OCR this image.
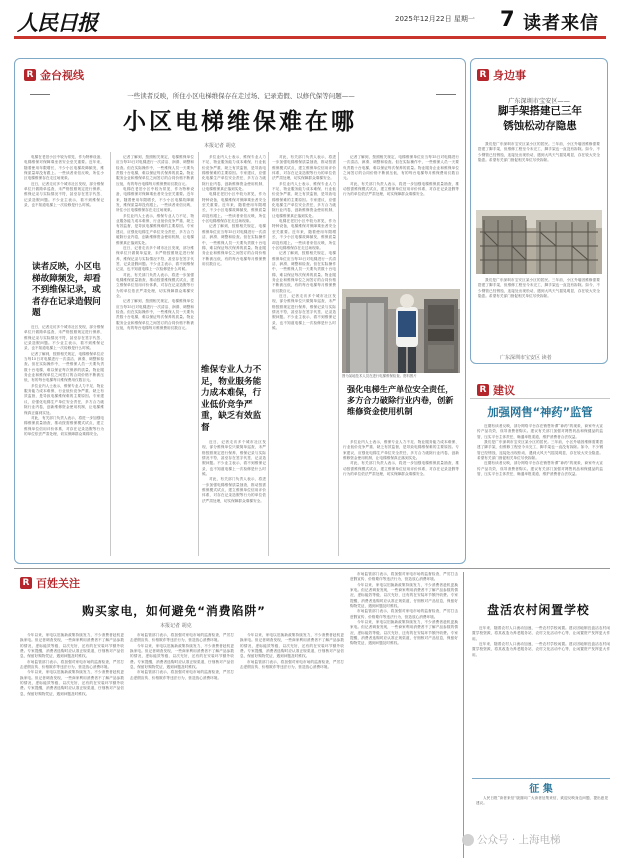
人民日报	2025年12月22日 星期一 7 读者来信
R 金台视线
一些读者反映，所住小区电梯维保存在走过场、记录造假、以修代保等问题——
小区电梯维保难在哪
本报记者 胡克

电梯在老旧小区中较为常见，作为特种设备，电梯维保对保障乘坐者安全至关重要。近年来，随着使用年限增长，不少小区电梯故障频发，维保质量却没有跟上。一些读者来信反映，所住小区电梯维保存在走过场现象。

近日，记者走访多个城市社区发现，部分维保单位只做简单巡查，未严格按照规定进行保养，维保记录与实际情况不符，甚至存在签字代签、记录造假问题。不少业主表示，看不到维保记录，也不知道电梯上一次检修是什么时候。

读者反映，小区电梯故障频发，却看不到维保记录，或者存在记录造假问题

近日，记者走访多个城市社区发现，部分维保单位只做简单巡查，未严格按照规定进行保养，维保记录与实际情况不符，甚至存在签字代签、记录造假问题。不少业主表示，看不到维保记录，也不知道电梯上一次检修是什么时候。

记者了解到，按照相关规定，电梯维保单位应当每15日对电梯进行一次清洁、润滑、调整和检查。但在实际操作中，一些维保人员一天要负责数十台电梯，难以保证每次保养的质量。物业服务企业和维保单位之间签订的合同价格不断被压低，有的每台电梯每月维保费用仅数百元。

多位业内人士表示，维保专业人力不足、物业服务能力成本难保、行业低价竞争严重、缺乏有效监督，是导致电梯维保难的主要原因。专家建议，应强化电梯生产单位安全责任，多方合力破除行业内卷，创新维修资金使用机制，让电梯维保真正落到实处。

对此，有关部门负责人表示，将进一步加强电梯维保质量抽查，推动按需维保模式试点，建立维保单位信用评价体系，对存在记录造假等行为的单位依法严肃处理，切实保障群众乘梯安全。

记者了解到，按照相关规定，电梯维保单位应当每15日对电梯进行一次清洁、润滑、调整和检查。但在实际操作中，一些维保人员一天要负责数十台电梯，难以保证每次保养的质量。物业服务企业和维保单位之间签订的合同价格不断被压低，有的每台电梯每月维保费用仅数百元。

电梯在老旧小区中较为常见，作为特种设备，电梯维保对保障乘坐者安全至关重要。近年来，随着使用年限增长，不少小区电梯故障频发，维保质量却没有跟上。一些读者来信反映，所住小区电梯维保存在走过场现象。

多位业内人士表示，维保专业人力不足、物业服务能力成本难保、行业低价竞争严重、缺乏有效监督，是导致电梯维保难的主要原因。专家建议，应强化电梯生产单位安全责任，多方合力破除行业内卷，创新维修资金使用机制，让电梯维保真正落到实处。

近日，记者走访多个城市社区发现，部分维保单位只做简单巡查，未严格按照规定进行保养，维保记录与实际情况不符，甚至存在签字代签、记录造假问题。不少业主表示，看不到维保记录，也不知道电梯上一次检修是什么时候。

对此，有关部门负责人表示，将进一步加强电梯维保质量抽查，推动按需维保模式试点，建立维保单位信用评价体系，对存在记录造假等行为的单位依法严肃处理，切实保障群众乘梯安全。

记者了解到，按照相关规定，电梯维保单位应当每15日对电梯进行一次清洁、润滑、调整和检查。但在实际操作中，一些维保人员一天要负责数十台电梯，难以保证每次保养的质量。物业服务企业和维保单位之间签订的合同价格不断被压低，有的每台电梯每月维保费用仅数百元。

多位业内人士表示，维保专业人力不足、物业服务能力成本难保、行业低价竞争严重、缺乏有效监督，是导致电梯维保难的主要原因。专家建议，应强化电梯生产单位安全责任，多方合力破除行业内卷，创新维修资金使用机制，让电梯维保真正落到实处。

电梯在老旧小区中较为常见，作为特种设备，电梯维保对保障乘坐者安全至关重要。近年来，随着使用年限增长，不少小区电梯故障频发，维保质量却没有跟上。一些读者来信反映，所住小区电梯维保存在走过场现象。

记者了解到，按照相关规定，电梯维保单位应当每15日对电梯进行一次清洁、润滑、调整和检查。但在实际操作中，一些维保人员一天要负责数十台电梯，难以保证每次保养的质量。物业服务企业和维保单位之间签订的合同价格不断被压低，有的每台电梯每月维保费用仅数百元。

维保专业人力不足，物业服务能力成本难保，行业低价竞争严重，缺乏有效监督

近日，记者走访多个城市社区发现，部分维保单位只做简单巡查，未严格按照规定进行保养，维保记录与实际情况不符，甚至存在签字代签、记录造假问题。不少业主表示，看不到维保记录，也不知道电梯上一次检修是什么时候。

对此，有关部门负责人表示，将进一步加强电梯维保质量抽查，推动按需维保模式试点，建立维保单位信用评价体系，对存在记录造假等行为的单位依法严肃处理，切实保障群众乘梯安全。

对此，有关部门负责人表示，将进一步加强电梯维保质量抽查，推动按需维保模式试点，建立维保单位信用评价体系，对存在记录造假等行为的单位依法严肃处理，切实保障群众乘梯安全。

多位业内人士表示，维保专业人力不足、物业服务能力成本难保、行业低价竞争严重、缺乏有效监督，是导致电梯维保难的主要原因。专家建议，应强化电梯生产单位安全责任，多方合力破除行业内卷，创新维修资金使用机制，让电梯维保真正落到实处。

电梯在老旧小区中较为常见，作为特种设备，电梯维保对保障乘坐者安全至关重要。近年来，随着使用年限增长，不少小区电梯故障频发，维保质量却没有跟上。一些读者来信反映，所住小区电梯维保存在走过场现象。

记者了解到，按照相关规定，电梯维保单位应当每15日对电梯进行一次清洁、润滑、调整和检查。但在实际操作中，一些维保人员一天要负责数十台电梯，难以保证每次保养的质量。物业服务企业和维保单位之间签订的合同价格不断被压低，有的每台电梯每月维保费用仅数百元。

近日，记者走访多个城市社区发现，部分维保单位只做简单巡查，未严格按照规定进行保养，维保记录与实际情况不符，甚至存在签字代签、记录造假问题。不少业主表示，看不到维保记录，也不知道电梯上一次检修是什么时候。

记者了解到，按照相关规定，电梯维保单位应当每15日对电梯进行一次清洁、润滑、调整和检查。但在实际操作中，一些维保人员一天要负责数十台电梯，难以保证每次保养的质量。物业服务企业和维保单位之间签订的合同价格不断被压低，有的每台电梯每月维保费用仅数百元。

对此，有关部门负责人表示，将进一步加强电梯维保质量抽查，推动按需维保模式试点，建立维保单位信用评价体系，对存在记录造假等行为的单位依法严肃处理，切实保障群众乘梯安全。

图为某地技术人员在进行电梯维保检查。资料图片
强化电梯生产单位安全责任，多方合力破除行业内卷，创新维修资金使用机制

多位业内人士表示，维保专业人力不足、物业服务能力成本难保、行业低价竞争严重、缺乏有效监督，是导致电梯维保难的主要原因。专家建议，应强化电梯生产单位安全责任，多方合力破除行业内卷，创新维修资金使用机制，让电梯维保真正落到实处。

对此，有关部门负责人表示，将进一步加强电梯维保质量抽查，推动按需维保模式试点，建立维保单位信用评价体系，对存在记录造假等行为的单位依法严肃处理，切实保障群众乘梯安全。

R 身边事
广东深圳市宝安区——
脚手架搭建已三年
锈蚀松动存隐患

我们是广东深圳市宝安区某小区的居民。三年前，小区外墙因维修需要搭建了脚手架，但维修工程至今未完工，脚手架也一直没有拆除。如今，不少钢管已经锈蚀，连接处出现松动，遇到大风天气摇晃明显，存在较大安全隐患。希望有关部门督促相关单位尽快拆除。

我们是广东深圳市宝安区某小区的居民。三年前，小区外墙因维修需要搭建了脚手架，但维修工程至今未完工，脚手架也一直没有拆除。如今，不少钢管已经锈蚀，连接处出现松动，遇到大风天气摇晃明显，存在较大安全隐患。希望有关部门督促相关单位尽快拆除。

广东深圳市宝安区 读者
R 建议
加强网售“神药”监管

近期有读者反映，部分网络平台存在销售所谓“神药”的现象，商家夸大宣传产品功效，误导消费者购买。建议有关部门加强对网售药品和保健品的监管，压实平台主体责任，畅通举报渠道，维护消费者合法权益。

我们是广东深圳市宝安区某小区的居民。三年前，小区外墙因维修需要搭建了脚手架，但维修工程至今未完工，脚手架也一直没有拆除。如今，不少钢管已经锈蚀，连接处出现松动，遇到大风天气摇晃明显，存在较大安全隐患。希望有关部门督促相关单位尽快拆除。

近期有读者反映，部分网络平台存在销售所谓“神药”的现象，商家夸大宣传产品功效，误导消费者购买。建议有关部门加强对网售药品和保健品的监管，压实平台主体责任，畅通举报渠道，维护消费者合法权益。

R 百姓关注
购买家电，如何避免“消费陷阱”
本报记者 胡克

今年以来，家电以旧换新政策持续发力，不少消费者趁机更换家电。但记者调查发现，一些商家利用消费者不了解产品参数的情况，虚标能效等级、以次充好，还有的在安装环节额外收费。专家提醒，消费者选购时应认准正规渠道，仔细核对产品信息，保留好购物凭证，遇到问题及时维权。

市场监管部门表示，将加强对家电市场的监督检查，严厉打击虚假宣传、价格欺诈等违法行为，营造放心消费环境。

今年以来，家电以旧换新政策持续发力，不少消费者趁机更换家电。但记者调查发现，一些商家利用消费者不了解产品参数的情况，虚标能效等级、以次充好，还有的在安装环节额外收费。专家提醒，消费者选购时应认准正规渠道，仔细核对产品信息，保留好购物凭证，遇到问题及时维权。

市场监管部门表示，将加强对家电市场的监督检查，严厉打击虚假宣传、价格欺诈等违法行为，营造放心消费环境。

今年以来，家电以旧换新政策持续发力，不少消费者趁机更换家电。但记者调查发现，一些商家利用消费者不了解产品参数的情况，虚标能效等级、以次充好，还有的在安装环节额外收费。专家提醒，消费者选购时应认准正规渠道，仔细核对产品信息，保留好购物凭证，遇到问题及时维权。

市场监管部门表示，将加强对家电市场的监督检查，严厉打击虚假宣传、价格欺诈等违法行为，营造放心消费环境。

今年以来，家电以旧换新政策持续发力，不少消费者趁机更换家电。但记者调查发现，一些商家利用消费者不了解产品参数的情况，虚标能效等级、以次充好，还有的在安装环节额外收费。专家提醒，消费者选购时应认准正规渠道，仔细核对产品信息，保留好购物凭证，遇到问题及时维权。

市场监管部门表示，将加强对家电市场的监督检查，严厉打击虚假宣传、价格欺诈等违法行为，营造放心消费环境。

市场监管部门表示，将加强对家电市场的监督检查，严厉打击虚假宣传、价格欺诈等违法行为，营造放心消费环境。

今年以来，家电以旧换新政策持续发力，不少消费者趁机更换家电。但记者调查发现，一些商家利用消费者不了解产品参数的情况，虚标能效等级、以次充好，还有的在安装环节额外收费。专家提醒，消费者选购时应认准正规渠道，仔细核对产品信息，保留好购物凭证，遇到问题及时维权。

市场监管部门表示，将加强对家电市场的监督检查，严厉打击虚假宣传、价格欺诈等违法行为，营造放心消费环境。

今年以来，家电以旧换新政策持续发力，不少消费者趁机更换家电。但记者调查发现，一些商家利用消费者不了解产品参数的情况，虚标能效等级、以次充好，还有的在安装环节额外收费。专家提醒，消费者选购时应认准正规渠道，仔细核对产品信息，保留好购物凭证，遇到问题及时维权。

盘活农村闲置学校

近年来，随着农村人口流动加速，一些农村学校闲置。建议因地制宜盘活农村闲置学校资源，将其改造为养老服务站、农村文化活动中心等，让闲置资产发挥更大作用。

近年来，随着农村人口流动加速，一些农村学校闲置。建议因地制宜盘活农村闲置学校资源，将其改造为养老服务站、农村文化活动中心等，让闲置资产发挥更大作用。

征 集

人民日报“读者来信”版面向广大读者征集来信，欢迎反映身边问题、提出意见建议。

公众号 · 上海电梯
